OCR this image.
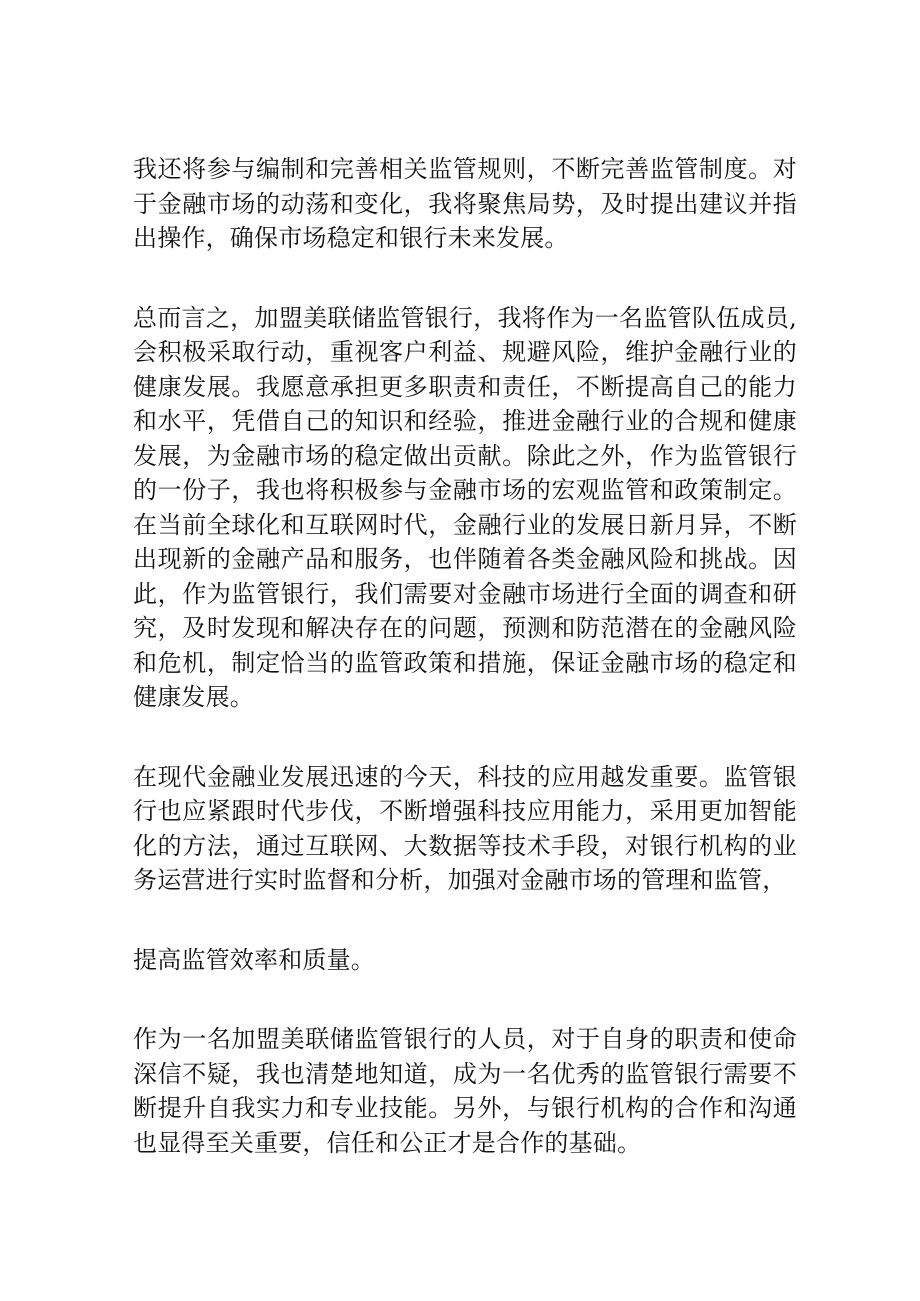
我还将参与编制和完善相关监管规则，不断完善监管制度。对于金融市场的动荡和变化，我将聚焦局势，及时提出建议并指出操作，确保市场稳定和银行未来发展。

总而言之，加盟美联储监管银行，我将作为一名监管队伍成员,会积极采取行动，重视客户利益、规避风险，维护金融行业的健康发展。我愿意承担更多职责和责任，不断提高自己的能力和水平，凭借自己的知识和经验，推进金融行业的合规和健康发展，为金融市场的稳定做出贡献。除此之外，作为监管银行的一份子，我也将积极参与金融市场的宏观监管和政策制定。在当前全球化和互联网时代，金融行业的发展日新月异，不断出现新的金融产品和服务，也伴随着各类金融风险和挑战。因此，作为监管银行，我们需要对金融市场进行全面的调查和研究，及时发现和解决存在的问题，预测和防范潜在的金融风险和危机，制定恰当的监管政策和措施，保证金融市场的稳定和健康发展。

在现代金融业发展迅速的今天，科技的应用越发重要。监管银行也应紧跟时代步伐，不断增强科技应用能力，采用更加智能化的方法，通过互联网、大数据等技术手段，对银行机构的业务运营进行实时监督和分析，加强对金融市场的管理和监管，

提高监管效率和质量。

作为一名加盟美联储监管银行的人员，对于自身的职责和使命深信不疑，我也清楚地知道，成为一名优秀的监管银行需要不断提升自我实力和专业技能。另外，与银行机构的合作和沟通也显得至关重要，信任和公正才是合作的基础。
